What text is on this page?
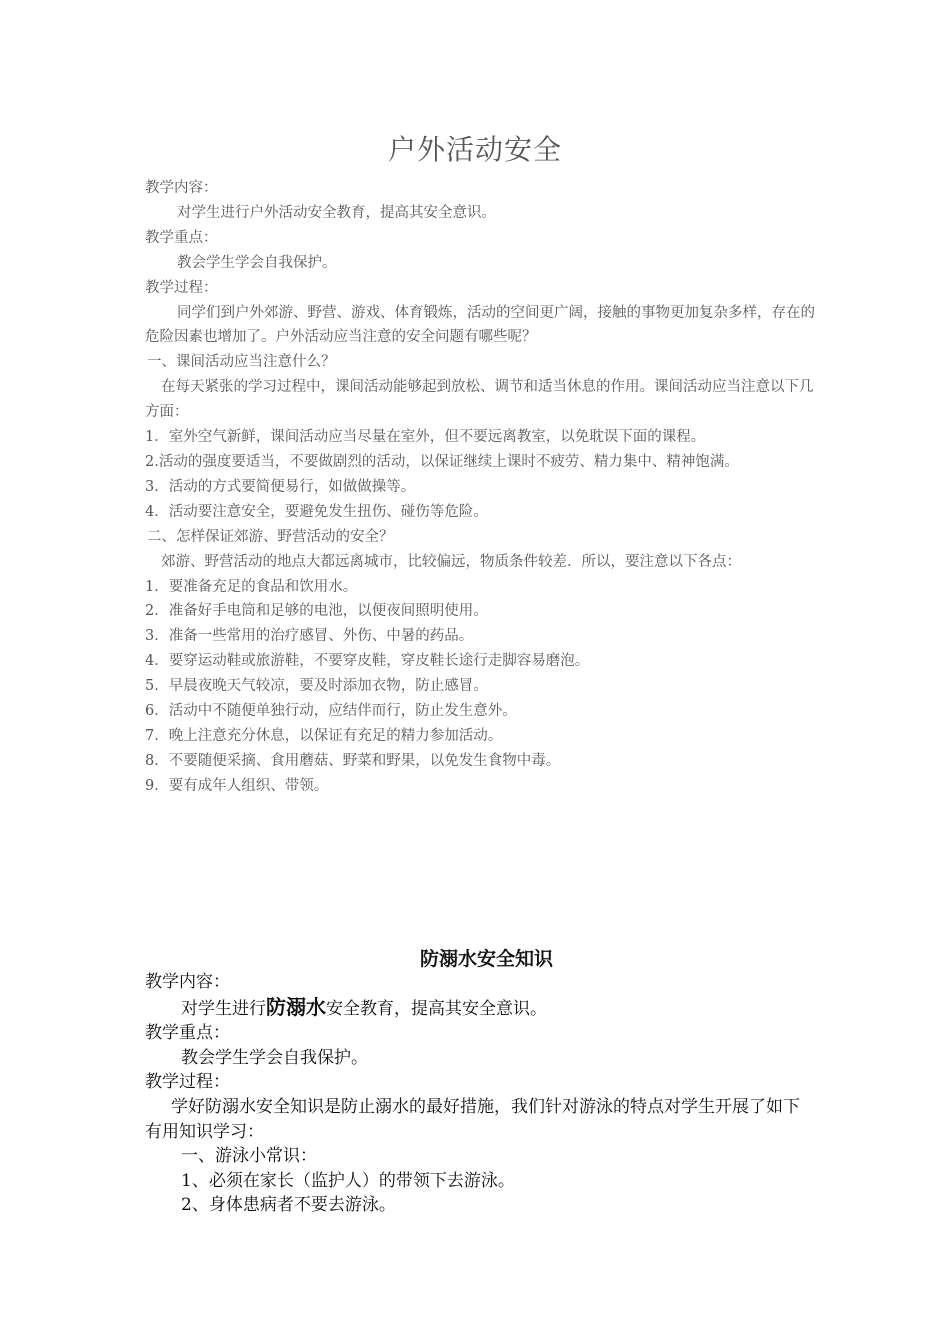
户外活动安全

教学内容：

对学生进行户外活动安全教育，提高其安全意识。

教学重点：

教会学生学会自我保护。

教学过程：

同学们到户外郊游、野营、游戏、体育锻炼，活动的空间更广阔，接触的事物更加复杂多样，存在的危险因素也增加了。户外活动应当注意的安全问题有哪些呢？

一、课间活动应当注意什么？

在每天紧张的学习过程中，课间活动能够起到放松、调节和适当休息的作用。课间活动应当注意以下几方面：

1．室外空气新鲜，课间活动应当尽量在室外，但不要远离教室，以免耽误下面的课程。

2.活动的强度要适当，不要做剧烈的活动，以保证继续上课时不疲劳、精力集中、精神饱满。

3．活动的方式要简便易行，如做做操等。

4．活动要注意安全，要避免发生扭伤、碰伤等危险。

二、怎样保证郊游、野营活动的安全？

郊游、野营活动的地点大都远离城市，比较偏远，物质条件较差．所以，要注意以下各点：

1．要准备充足的食品和饮用水。

2．准备好手电筒和足够的电池，以便夜间照明使用。

3．准备一些常用的治疗感冒、外伤、中暑的药品。

4．要穿运动鞋或旅游鞋，不要穿皮鞋，穿皮鞋长途行走脚容易磨泡。

5．早晨夜晚天气较凉，要及时添加衣物，防止感冒。

6．活动中不随便单独行动，应结伴而行，防止发生意外。

7．晚上注意充分休息，以保证有充足的精力参加活动。

8．不要随便采摘、食用蘑菇、野菜和野果，以免发生食物中毒。

9．要有成年人组织、带领。

防溺水安全知识

教学内容：

对学生进行防溺水安全教育，提高其安全意识。

教学重点：

教会学生学会自我保护。

教学过程：

学好防溺水安全知识是防止溺水的最好措施，我们针对游泳的特点对学生开展了如下有用知识学习：

一、游泳小常识：

1、必须在家长（监护人）的带领下去游泳。

2、身体患病者不要去游泳。
